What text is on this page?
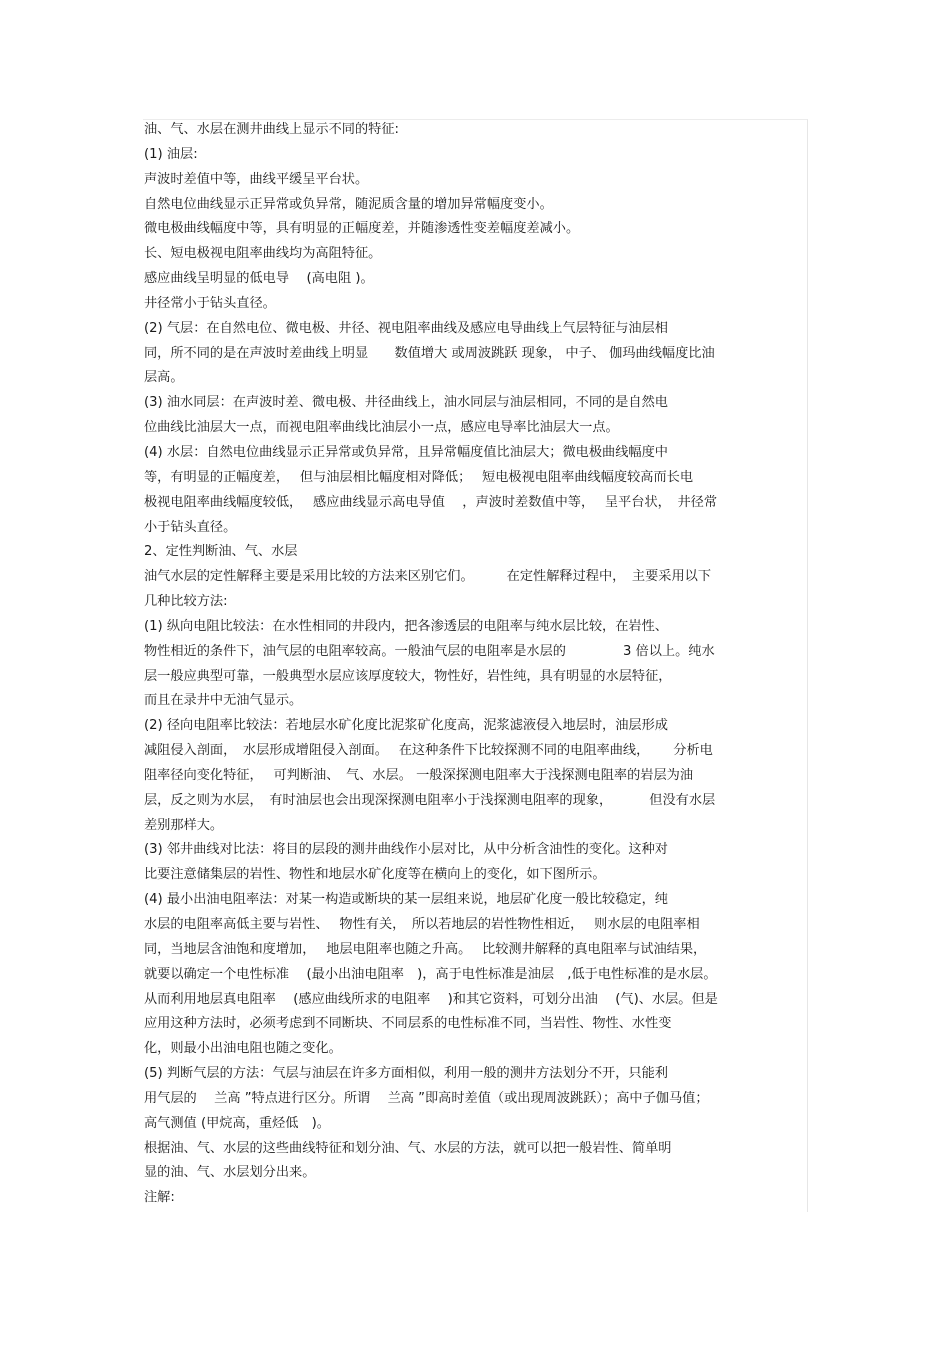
油、气、水层在测井曲线上显示不同的特征:
(1) 油层:
声波时差值中等，曲线平缓呈平台状。
自然电位曲线显示正异常或负异常，随泥质含量的增加异常幅度变小。
微电极曲线幅度中等，具有明显的正幅度差，并随渗透性变差幅度差减小。
长、短电极视电阻率曲线均为高阻特征。
感应曲线呈明显的低电导　 (高电阻 )。
井径常小于钻头直径。
(2) 气层：在自然电位、微电极、井径、视电阻率曲线及感应电导曲线上气层特征与油层相
同，所不同的是在声波时差曲线上明显　　数值增大 或周波跳跃 现象， 中子、 伽玛曲线幅度比油
层高。
(3) 油水同层：在声波时差、微电极、井径曲线上，油水同层与油层相同，不同的是自然电
位曲线比油层大一点，而视电阻率曲线比油层小一点，感应电导率比油层大一点。
(4) 水层：自然电位曲线显示正异常或负异常，且异常幅度值比油层大；微电极曲线幅度中
等，有明显的正幅度差，　 但与油层相比幅度相对降低；　 短电极视电阻率曲线幅度较高而长电
极视电阻率曲线幅度较低，　 感应曲线显示高电导值　 ，声波时差数值中等，　 呈平台状，　井径常
小于钻头直径。
2、定性判断油、气、水层
油气水层的定性解释主要是采用比较的方法来区别它们。　　　在定性解释过程中，　主要采用以下
几种比较方法:
(1) 纵向电阻比较法：在水性相同的井段内，把各渗透层的电阻率与纯水层比较，在岩性、
物性相近的条件下，油气层的电阻率较高。一般油气层的电阻率是水层的　　　　 3 倍以上。纯水
层一般应典型可靠，一般典型水层应该厚度较大，物性好，岩性纯，具有明显的水层特征，
而且在录井中无油气显示。
(2) 径向电阻率比较法：若地层水矿化度比泥浆矿化度高，泥浆滤液侵入地层时，油层形成
减阻侵入剖面，　水层形成增阻侵入剖面。　 在这种条件下比较探测不同的电阻率曲线，　　 分析电
阻率径向变化特征，　 可判断油、　气、水层。 一般深探测电阻率大于浅探测电阻率的岩层为油
层，反之则为水层，　有时油层也会出现深探测电阻率小于浅探测电阻率的现象，　　　 但没有水层
差别那样大。
(3) 邻井曲线对比法：将目的层段的测井曲线作小层对比，从中分析含油性的变化。这种对
比要注意储集层的岩性、物性和地层水矿化度等在横向上的变化，如下图所示。
(4) 最小出油电阻率法：对某一构造或断块的某一层组来说，地层矿化度一般比较稳定，纯
水层的电阻率高低主要与岩性、　 物性有关，　所以若地层的岩性物性相近，　 则水层的电阻率相
同，当地层含油饱和度增加，　 地层电阻率也随之升高。　 比较测井解释的真电阻率与试油结果，
就要以确定一个电性标准　 (最小出油电阻率　)，高于电性标准是油层　,低于电性标准的是水层。
从而利用地层真电阻率　 (感应曲线所求的电阻率　 )和其它资料，可划分出油　 (气)、水层。但是
应用这种方法时，必须考虑到不同断块、不同层系的电性标准不同，当岩性、物性、水性变
化，则最小出油电阻也随之变化。
(5) 判断气层的方法：气层与油层在许多方面相似，利用一般的测井方法划分不开，只能利
用气层的　 兰高 ”特点进行区分。所谓　 兰高 ”即高时差值（或出现周波跳跃）；高中子伽马值；
高气测值 (甲烷高，重烃低　)。
根据油、气、水层的这些曲线特征和划分油、气、水层的方法，就可以把一般岩性、简单明
显的油、气、水层划分出来。
注解:
